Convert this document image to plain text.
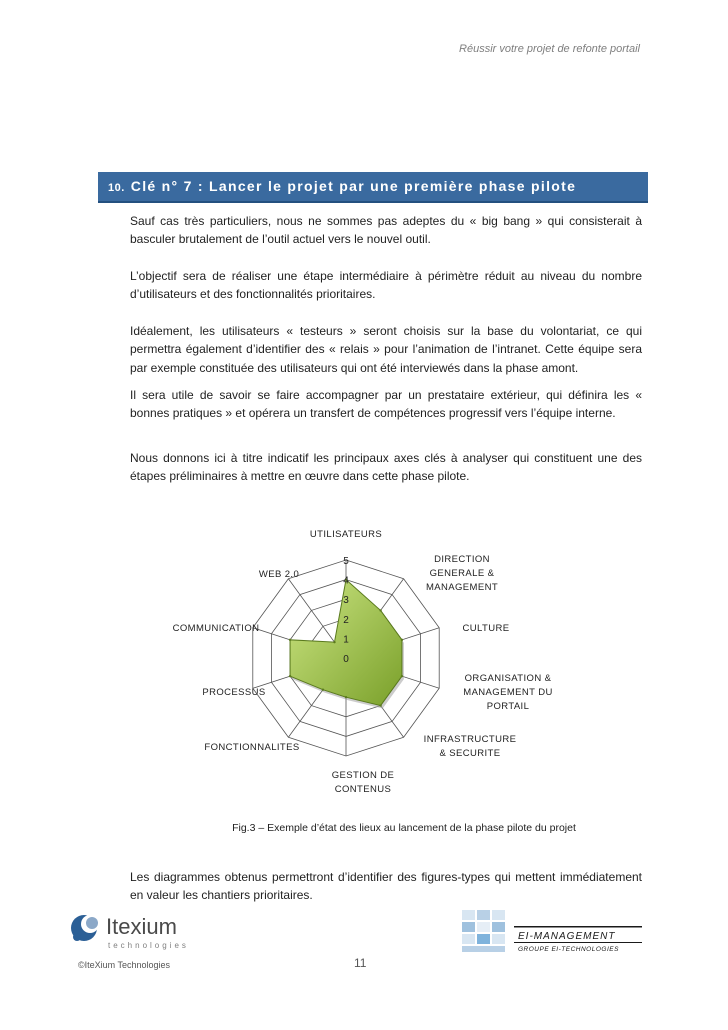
Réussir votre projet de refonte portail
10. Clé n° 7 : Lancer le projet par une première phase pilote

Sauf cas très particuliers, nous ne sommes pas adeptes du « big bang » qui consisterait à basculer brutalement de l’outil actuel vers le nouvel outil.

L’objectif sera de réaliser une étape intermédiaire à périmètre réduit au niveau du nombre d’utilisateurs et des fonctionnalités prioritaires.

Idéalement, les utilisateurs « testeurs » seront choisis sur la base du volontariat, ce qui permettra également d’identifier des « relais » pour l’animation de l’intranet. Cette équipe sera par exemple constituée des utilisateurs qui ont été interviewés dans la phase amont.

Il sera utile de savoir se faire accompagner par un prestataire extérieur, qui définira les « bonnes pratiques » et opérera un transfert de compétences progressif vers l’équipe interne.

Nous donnons ici à titre indicatif les principaux axes clés à analyser qui constituent une des étapes préliminaires à mettre en œuvre dans cette phase pilote.

0
1
2
3
4
5
UTILISATEURS
DIRECTION
GENERALE &
MANAGEMENT
CULTURE
ORGANISATION &
MANAGEMENT DU
PORTAIL
INFRASTRUCTURE
& SECURITE
GESTION DE
CONTENUS
FONCTIONNALITES
PROCESSUS
COMMUNICATION
WEB 2.0
Fig.3 – Exemple d’état des lieux au lancement de la phase pilote du projet

Les diagrammes obtenus permettront d’identifier des figures-types qui mettent immédiatement en valeur les chantiers prioritaires.

Itexium
technologies
EI-MANAGEMENT
GROUPE EI-TECHNOLOGIES
©IteXium Technologies	11
